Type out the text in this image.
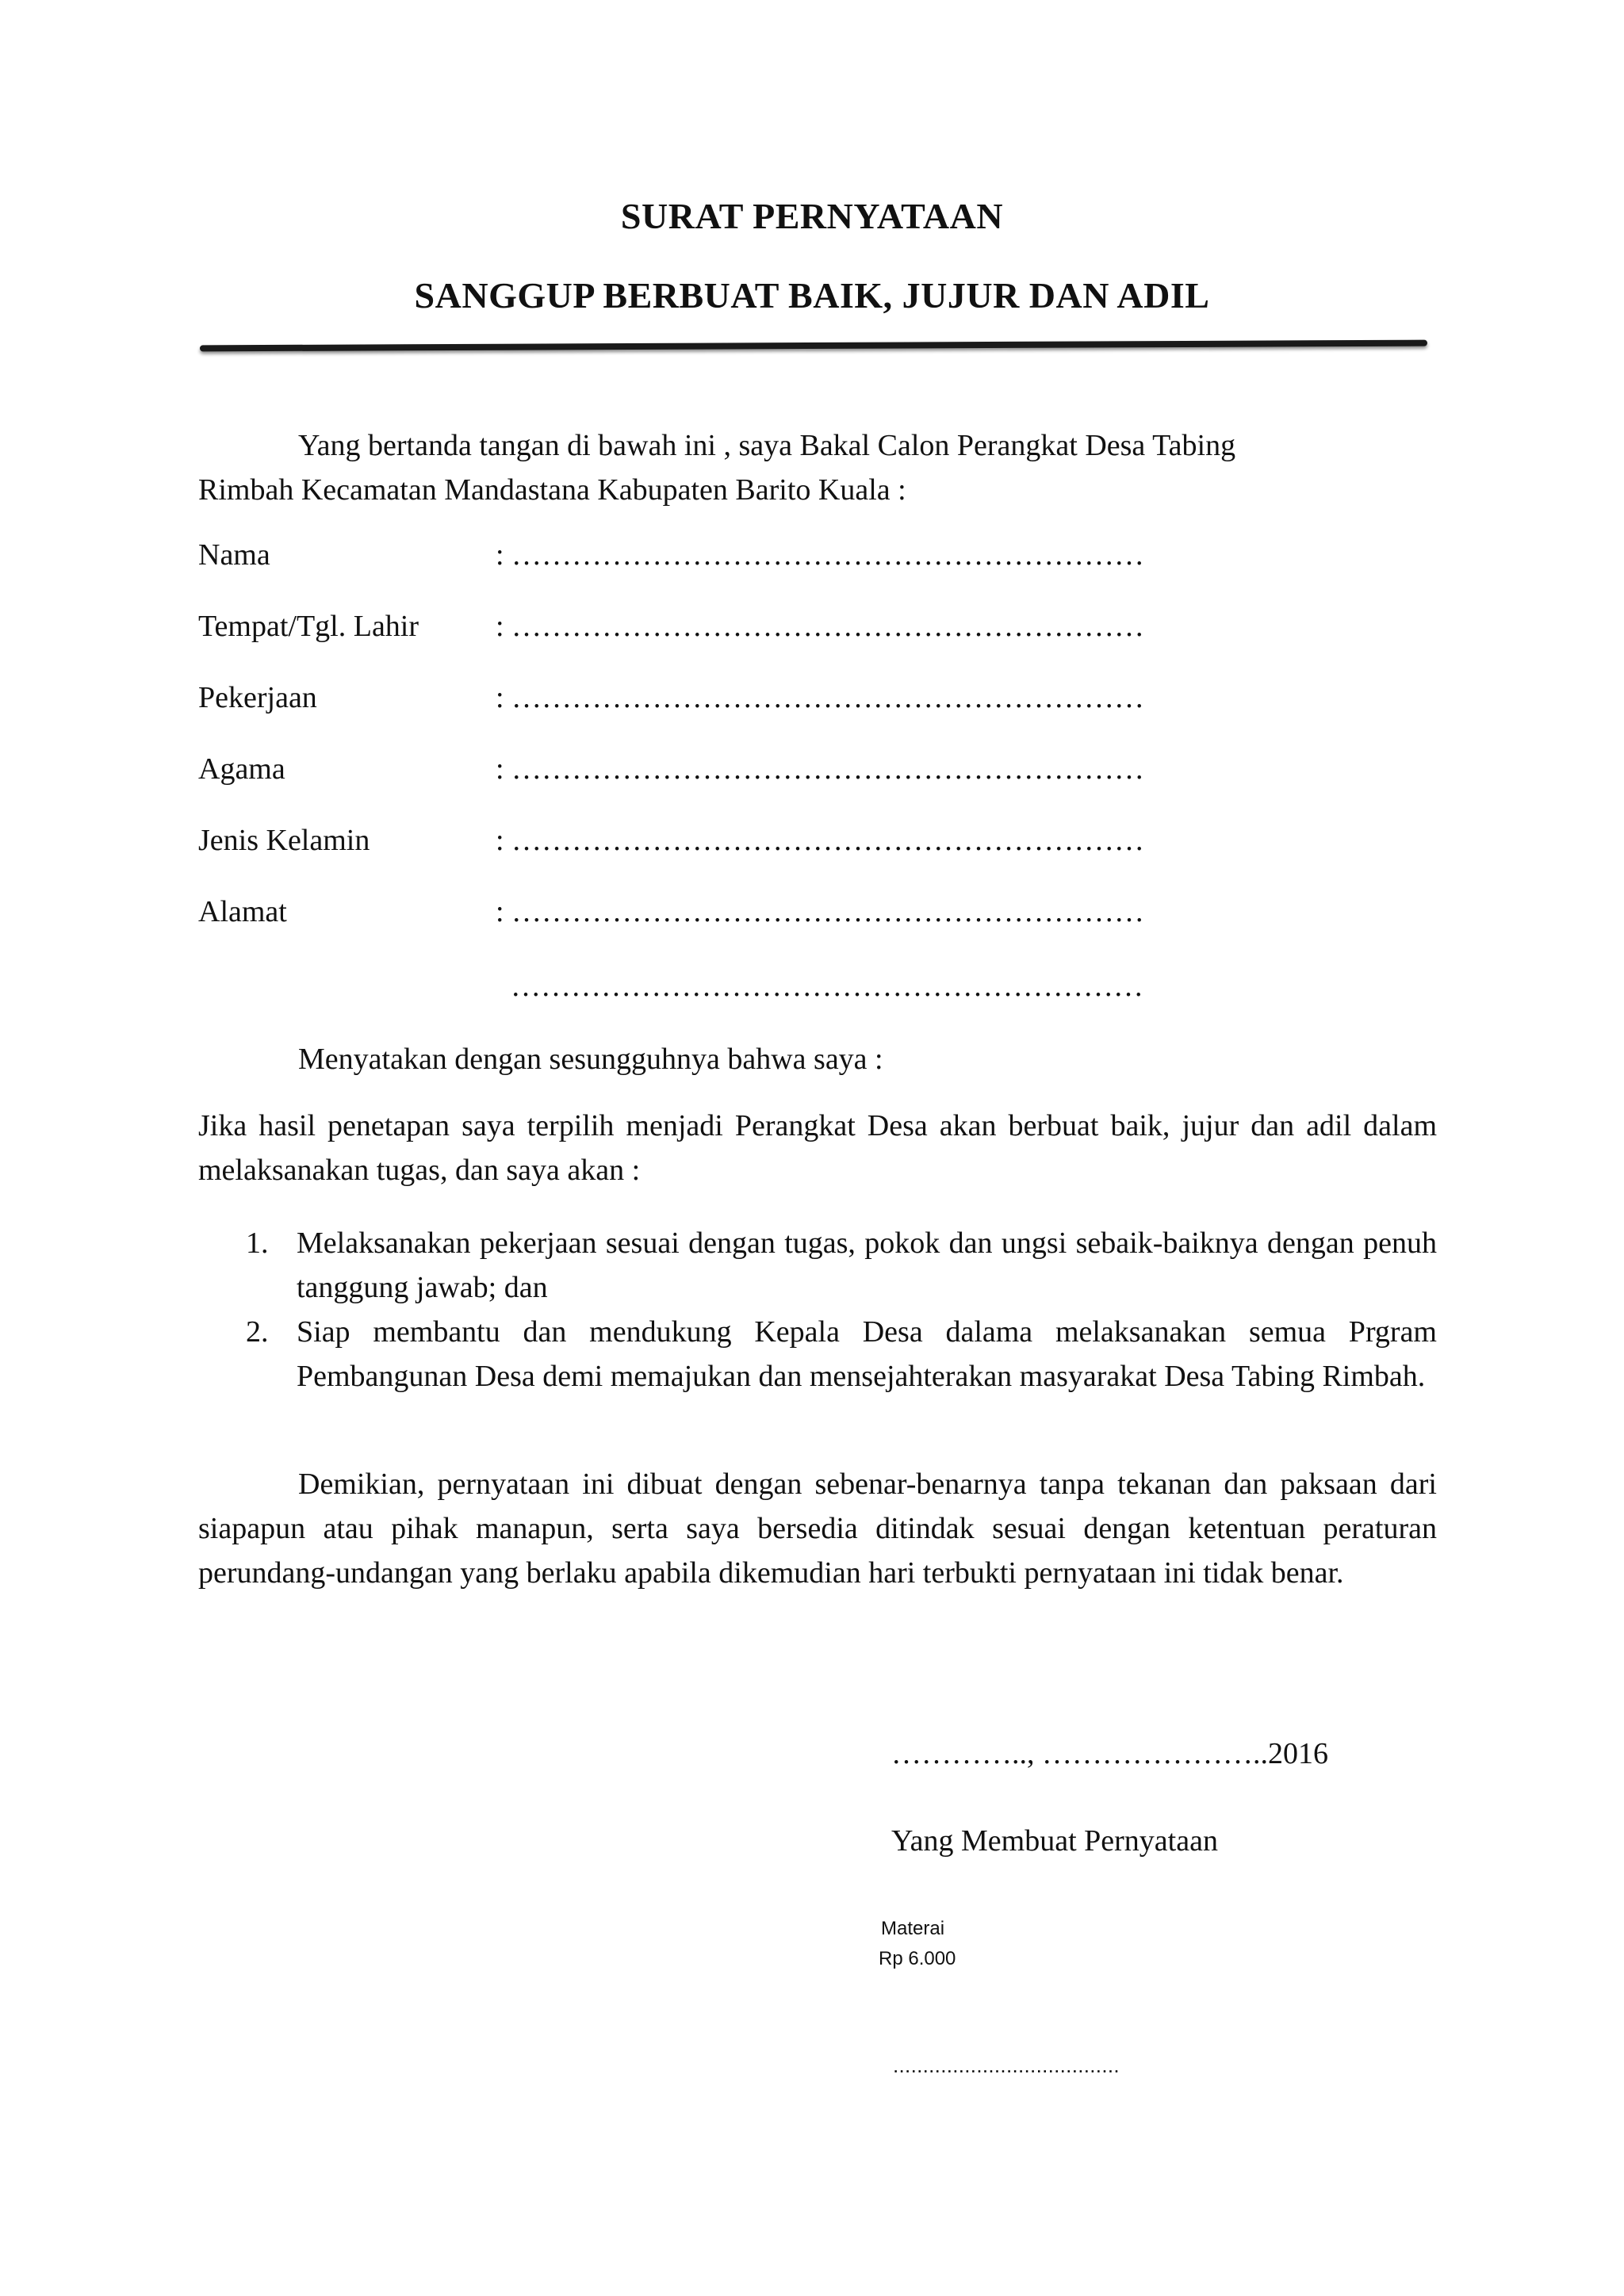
SURAT PERNYATAAN
SANGGUP BERBUAT BAIK, JUJUR DAN ADIL
Yang bertanda tangan di bawah ini , saya Bakal Calon Perangkat Desa Tabing
Rimbah Kecamatan Mandastana Kabupaten Barito Kuala :
Nama	: ………………………………………………………
Tempat/Tgl. Lahir	: ………………………………………………………
Pekerjaan	: ………………………………………………………
Agama	: ………………………………………………………
Jenis Kelamin	: ………………………………………………………
Alamat	: ………………………………………………………
………………………………………………………
Menyatakan dengan sesungguhnya bahwa saya :
Jika hasil penetapan saya terpilih menjadi Perangkat Desa akan berbuat baik, jujur dan adil dalam melaksanakan tugas, dan saya akan :
1. Melaksanakan pekerjaan sesuai dengan tugas, pokok dan ungsi sebaik-baiknya dengan penuh tanggung jawab; dan
2. Siap membantu dan mendukung Kepala Desa dalama melaksanakan semua Prgram Pembangunan Desa demi memajukan dan mensejahterakan masyarakat Desa Tabing Rimbah.
Demikian, pernyataan ini dibuat dengan sebenar-benarnya tanpa tekanan dan paksaan dari siapapun atau pihak manapun, serta saya bersedia ditindak sesuai dengan ketentuan peraturan perundang-undangan yang berlaku apabila dikemudian hari terbukti pernyataan ini tidak benar.
………….., …………………..2016
Yang Membuat Pernyataan
Materai
Rp 6.000
......................................
